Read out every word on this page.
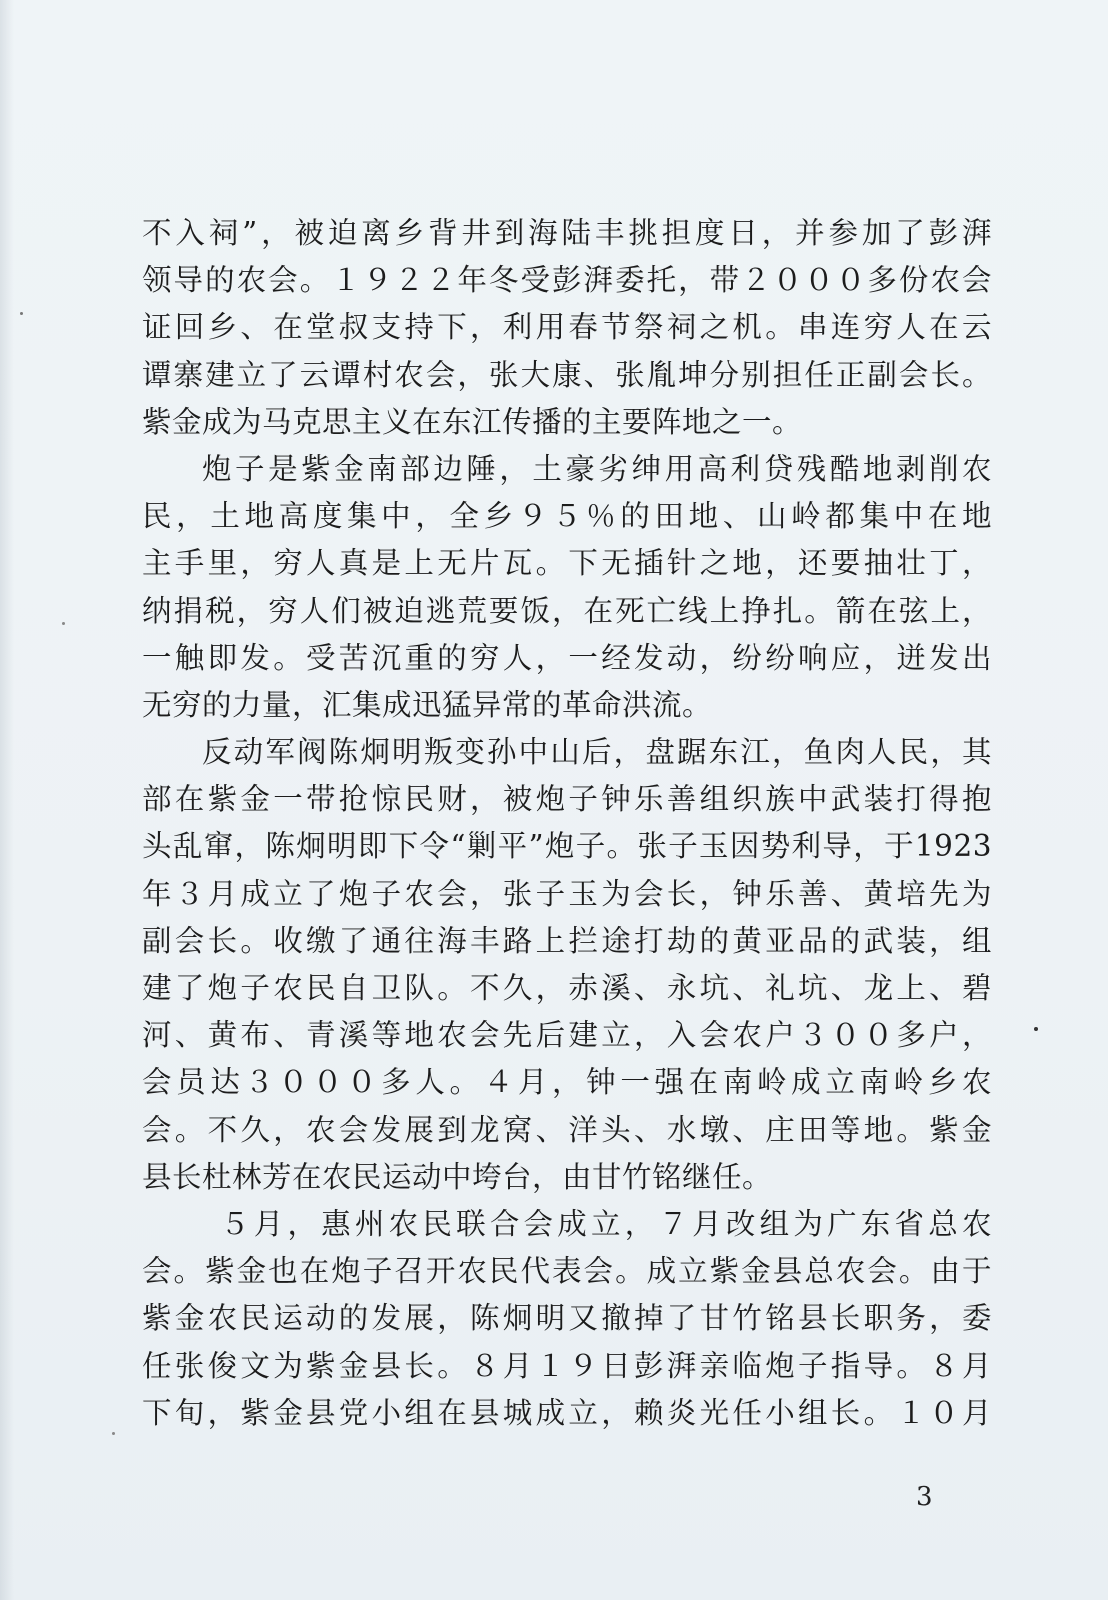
不入祠”，被迫离乡背井到海陆丰挑担度日，并参加了彭湃
领导的农会。１９２２年冬受彭湃委托，带２０００多份农会
证回乡、在堂叔支持下，利用春节祭祠之机。串连穷人在云
谭寨建立了云谭村农会，张大康、张胤坤分别担任正副会长。
紫金成为马克思主义在东江传播的主要阵地之一。
炮子是紫金南部边陲，土豪劣绅用高利贷残酷地剥削农
民，土地高度集中，全乡９５％的田地、山岭都集中在地
主手里，穷人真是上无片瓦。下无插针之地，还要抽壮丁，
纳捐税，穷人们被迫逃荒要饭，在死亡线上挣扎。箭在弦上，
一触即发。受苦沉重的穷人，一经发动，纷纷响应，迸发出
无穷的力量，汇集成迅猛异常的革命洪流。
反动军阀陈炯明叛变孙中山后，盘踞东江，鱼肉人民，其
部在紫金一带抢惊民财，被炮子钟乐善组织族中武装打得抱
头乱窜，陈炯明即下令“剿平”炮子。张子玉因势利导，于1923
年３月成立了炮子农会，张子玉为会长，钟乐善、黄培先为
副会长。收缴了通往海丰路上拦途打劫的黄亚品的武装，组
建了炮子农民自卫队。不久，赤溪、永坑、礼坑、龙上、碧
河、黄布、青溪等地农会先后建立，入会农户３００多户，
会员达３０００多人。４月，钟一强在南岭成立南岭乡农
会。不久，农会发展到龙窝、洋头、水墩、庄田等地。紫金
县长杜林芳在农民运动中垮台，由甘竹铭继任。
５月，惠州农民联合会成立，７月改组为广东省总农
会。紫金也在炮子召开农民代表会。成立紫金县总农会。由于
紫金农民运动的发展，陈炯明又撤掉了甘竹铭县长职务，委
任张俊文为紫金县长。８月１９日彭湃亲临炮子指导。８月
下旬，紫金县党小组在县城成立，赖炎光任小组长。１０月
3
